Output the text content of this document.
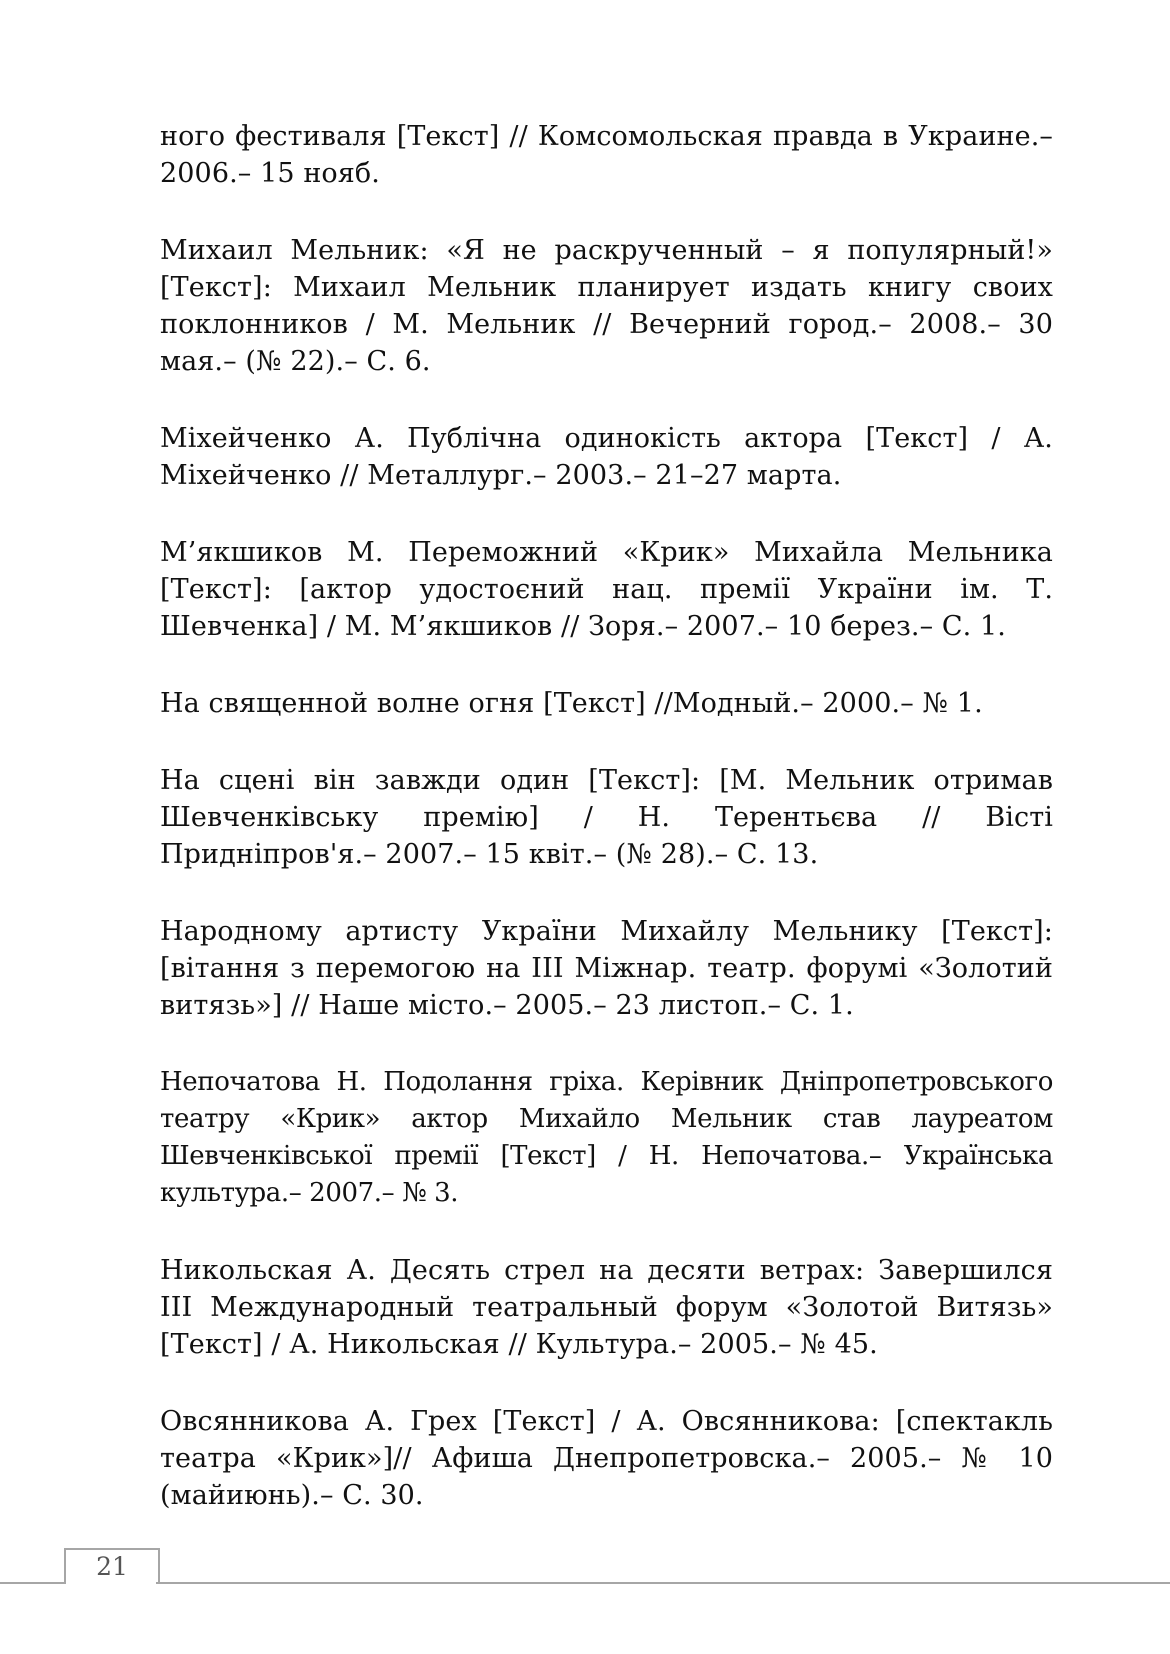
ного фестиваля [Текст] // Комсомольская правда в Украине.– 2006.– 15 нояб.

Михаил Мельник: «Я не раскрученный – я популярный!» [Текст]: Михаил Мельник планирует издать книгу своих поклонников / М. Мельник // Вечерний город.– 2008.– 30 мая.– (№ 22).– С. 6.

Міхейченко А. Публічна одинокість актора [Текст] / А. Міхейченко // Металлург.– 2003.– 21–27 марта.

М’якшиков М. Переможний «Крик» Михайла Мельника [Текст]: [актор удостоєний нац. премії України ім. Т. Шевченка] / М. М’якшиков // Зоря.– 2007.– 10 берез.– С. 1.

На священной волне огня [Текст] //Модный.– 2000.– № 1.

На сцені він завжди один [Текст]: [М. Мельник отримав Шевченківську премію] / Н. Терентьєва // Вісті Придніпров'я.– 2007.– 15 квіт.– (№ 28).– С. 13.

Народному артисту України Михайлу Мельнику [Текст]: [вітання з перемогою на ІІІ Міжнар. театр. форумі «Золотий витязь»] // Наше місто.– 2005.– 23 листоп.– С. 1.

Непочатова Н. Подолання гріха. Керівник Дніпропетровського театру «Крик» актор Михайло Мельник став лауреатом Шевченківської премії [Текст] / Н. Непочатова.– Українська культура.– 2007.– № 3.

Никольская А. Десять стрел на десяти ветрах: Завершился ІІІ Международный театральный форум «Золотой Витязь» [Текст] / А. Никольская // Культура.– 2005.– № 45.

Овсянникова А. Грех [Текст] / А. Овсянникова: [спектакль театра «Крик»]// Афиша Днепропетровска.– 2005.– № 10 (майиюнь).– С. 30.

21
